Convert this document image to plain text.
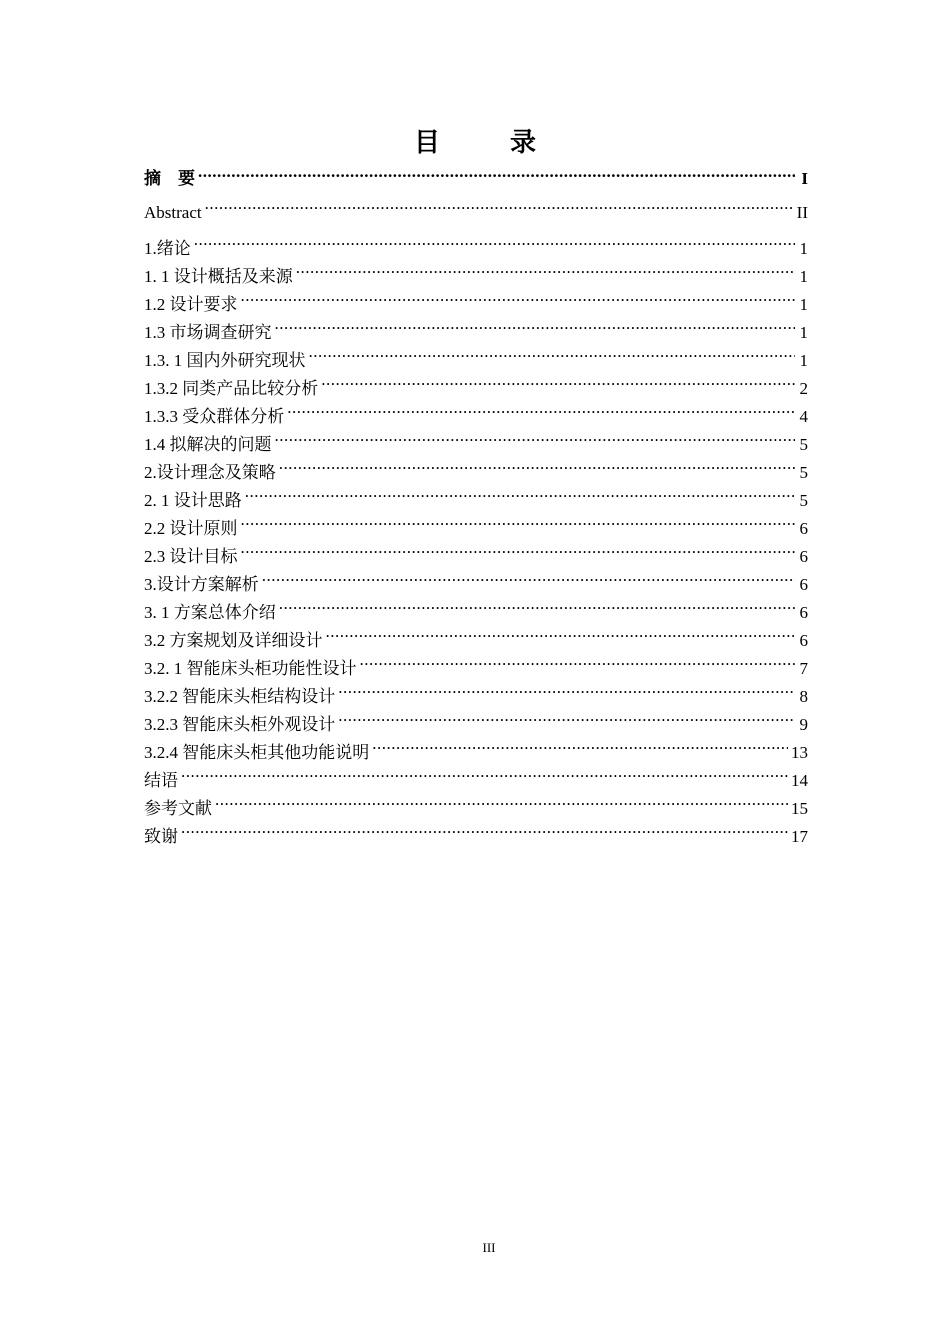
目　录
摘　要 .....	I
Abstract .....	II
1.绪论 .....	1
1. 1 设计概括及来源 .....	1
1.2 设计要求 .....	1
1.3 市场调查研究 .....	1
1.3. 1 国内外研究现状 .....	1
1.3.2 同类产品比较分析 .....	2
1.3.3 受众群体分析 .....	4
1.4 拟解决的问题 .....	5
2.设计理念及策略 .....	5
2. 1 设计思路 .....	5
2.2 设计原则 .....	6
2.3 设计目标 .....	6
3.设计方案解析 .....	6
3. 1 方案总体介绍 .....	6
3.2 方案规划及详细设计 .....	6
3.2. 1 智能床头柜功能性设计 .....	7
3.2.2 智能床头柜结构设计 .....	8
3.2.3 智能床头柜外观设计 .....	9
3.2.4 智能床头柜其他功能说明 .....	13
结语 .....	14
参考文献 .....	15
致谢 .....	17
III
